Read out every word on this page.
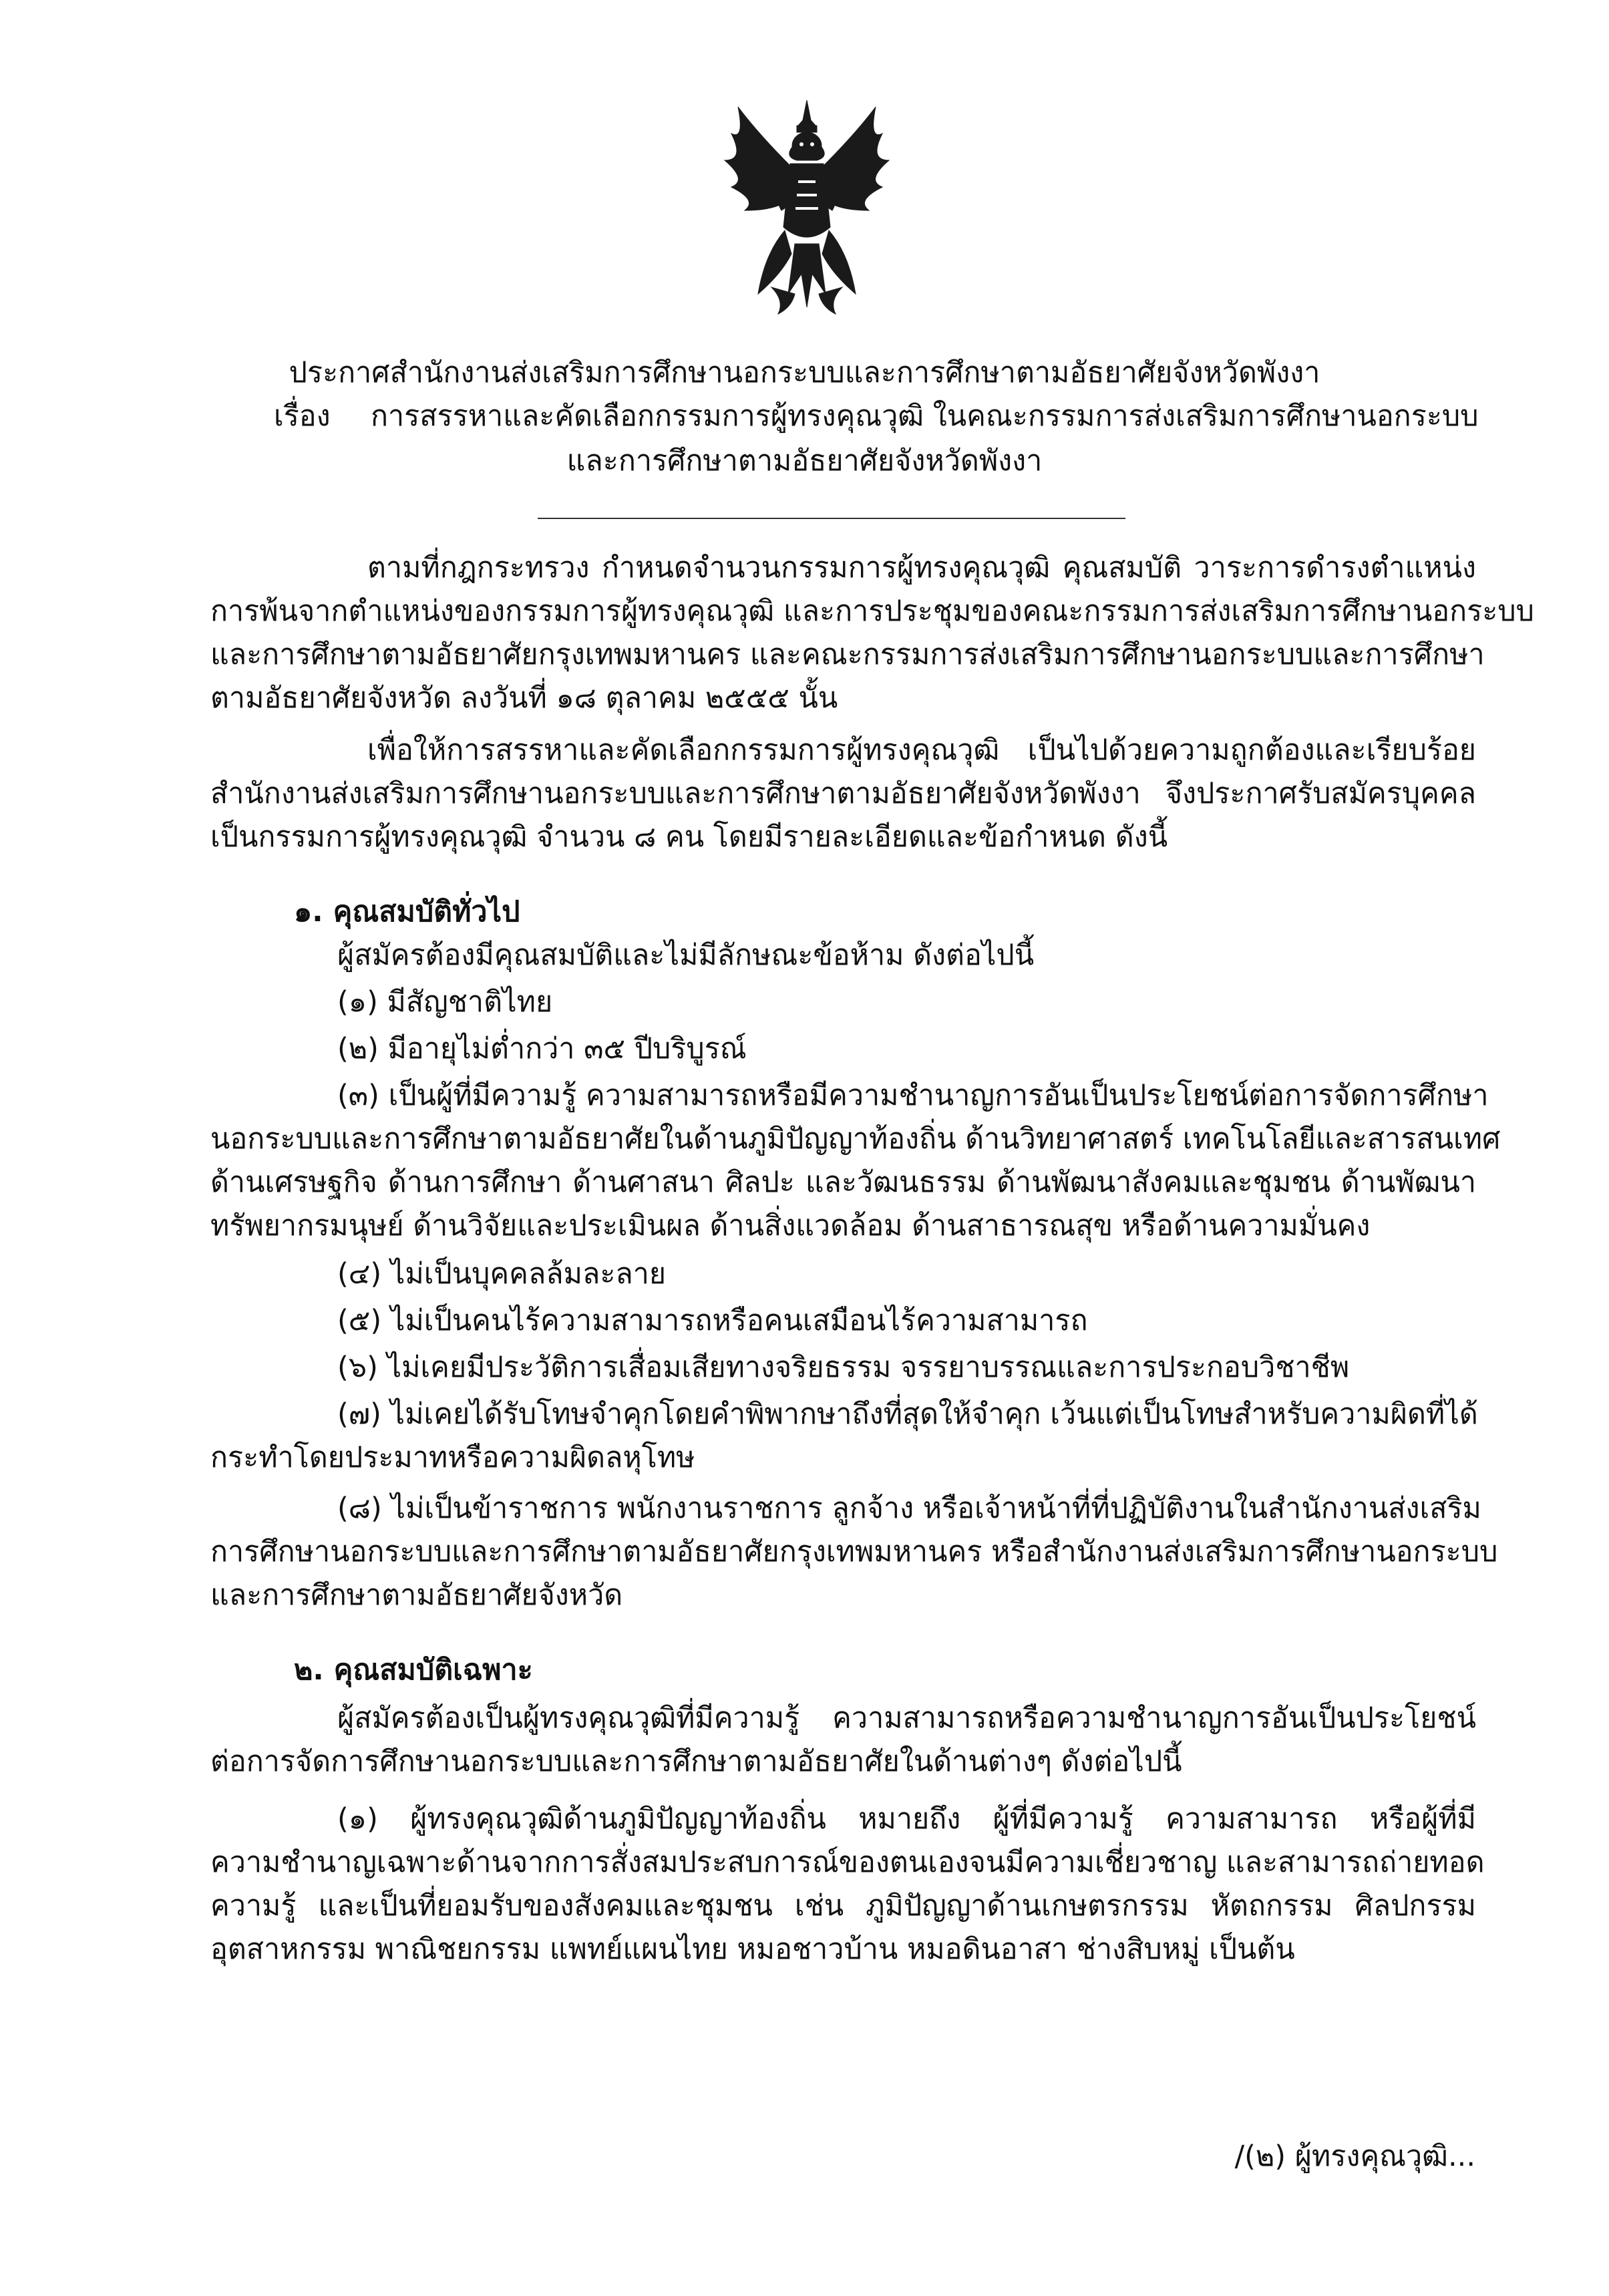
ประกาศสำนักงานส่งเสริมการศึกษานอกระบบและการศึกษาตามอัธยาศัยจังหวัดพังงา
เรื่อง การสรรหาและคัดเลือกกรรมการผู้ทรงคุณวุฒิ ในคณะกรรมการส่งเสริมการศึกษานอกระบบ
และการศึกษาตามอัธยาศัยจังหวัดพังงา
ตามที่กฎกระทรวง กำหนดจำนวนกรรมการผู้ทรงคุณวุฒิ คุณสมบัติ วาระการดำรงตำแหน่ง
การพ้นจากตำแหน่งของกรรมการผู้ทรงคุณวุฒิ และการประชุมของคณะกรรมการส่งเสริมการศึกษานอกระบบ
และการศึกษาตามอัธยาศัยกรุงเทพมหานคร และคณะกรรมการส่งเสริมการศึกษานอกระบบและการศึกษา
ตามอัธยาศัยจังหวัด ลงวันที่ ๑๘ ตุลาคม ๒๕๕๕ นั้น
เพื่อให้การสรรหาและคัดเลือกกรรมการผู้ทรงคุณวุฒิ เป็นไปด้วยความถูกต้องและเรียบร้อย
สำนักงานส่งเสริมการศึกษานอกระบบและการศึกษาตามอัธยาศัยจังหวัดพังงา จึงประกาศรับสมัครบุคคล
เป็นกรรมการผู้ทรงคุณวุฒิ จำนวน ๘ คน โดยมีรายละเอียดและข้อกำหนด ดังนี้
๑. คุณสมบัติทั่วไป
ผู้สมัครต้องมีคุณสมบัติและไม่มีลักษณะข้อห้าม ดังต่อไปนี้
(๑) มีสัญชาติไทย
(๒) มีอายุไม่ต่ำกว่า ๓๕ ปีบริบูรณ์
(๓) เป็นผู้ที่มีความรู้ ความสามารถหรือมีความชำนาญการอันเป็นประโยชน์ต่อการจัดการศึกษา
นอกระบบและการศึกษาตามอัธยาศัยในด้านภูมิปัญญาท้องถิ่น ด้านวิทยาศาสตร์ เทคโนโลยีและสารสนเทศ
ด้านเศรษฐกิจ ด้านการศึกษา ด้านศาสนา ศิลปะ และวัฒนธรรม ด้านพัฒนาสังคมและชุมชน ด้านพัฒนา
ทรัพยากรมนุษย์ ด้านวิจัยและประเมินผล ด้านสิ่งแวดล้อม ด้านสาธารณสุข หรือด้านความมั่นคง
(๔) ไม่เป็นบุคคลล้มละลาย
(๕) ไม่เป็นคนไร้ความสามารถหรือคนเสมือนไร้ความสามารถ
(๖) ไม่เคยมีประวัติการเสื่อมเสียทางจริยธรรม จรรยาบรรณและการประกอบวิชาชีพ
(๗) ไม่เคยได้รับโทษจำคุกโดยคำพิพากษาถึงที่สุดให้จำคุก เว้นแต่เป็นโทษสำหรับความผิดที่ได้
กระทำโดยประมาทหรือความผิดลหุโทษ
(๘) ไม่เป็นข้าราชการ พนักงานราชการ ลูกจ้าง หรือเจ้าหน้าที่ที่ปฏิบัติงานในสำนักงานส่งเสริม
การศึกษานอกระบบและการศึกษาตามอัธยาศัยกรุงเทพมหานคร หรือสำนักงานส่งเสริมการศึกษานอกระบบ
และการศึกษาตามอัธยาศัยจังหวัด
๒. คุณสมบัติเฉพาะ
ผู้สมัครต้องเป็นผู้ทรงคุณวุฒิที่มีความรู้ ความสามารถหรือความชำนาญการอันเป็นประโยชน์
ต่อการจัดการศึกษานอกระบบและการศึกษาตามอัธยาศัยในด้านต่างๆ ดังต่อไปนี้
(๑) ผู้ทรงคุณวุฒิด้านภูมิปัญญาท้องถิ่น หมายถึง ผู้ที่มีความรู้ ความสามารถ หรือผู้ที่มี
ความชำนาญเฉพาะด้านจากการสั่งสมประสบการณ์ของตนเองจนมีความเชี่ยวชาญ และสามารถถ่ายทอด
ความรู้ และเป็นที่ยอมรับของสังคมและชุมชน เช่น ภูมิปัญญาด้านเกษตรกรรม หัตถกรรม ศิลปกรรม
อุตสาหกรรม พาณิชยกรรม แพทย์แผนไทย หมอชาวบ้าน หมอดินอาสา ช่างสิบหมู่ เป็นต้น
/(๒) ผู้ทรงคุณวุฒิ...
